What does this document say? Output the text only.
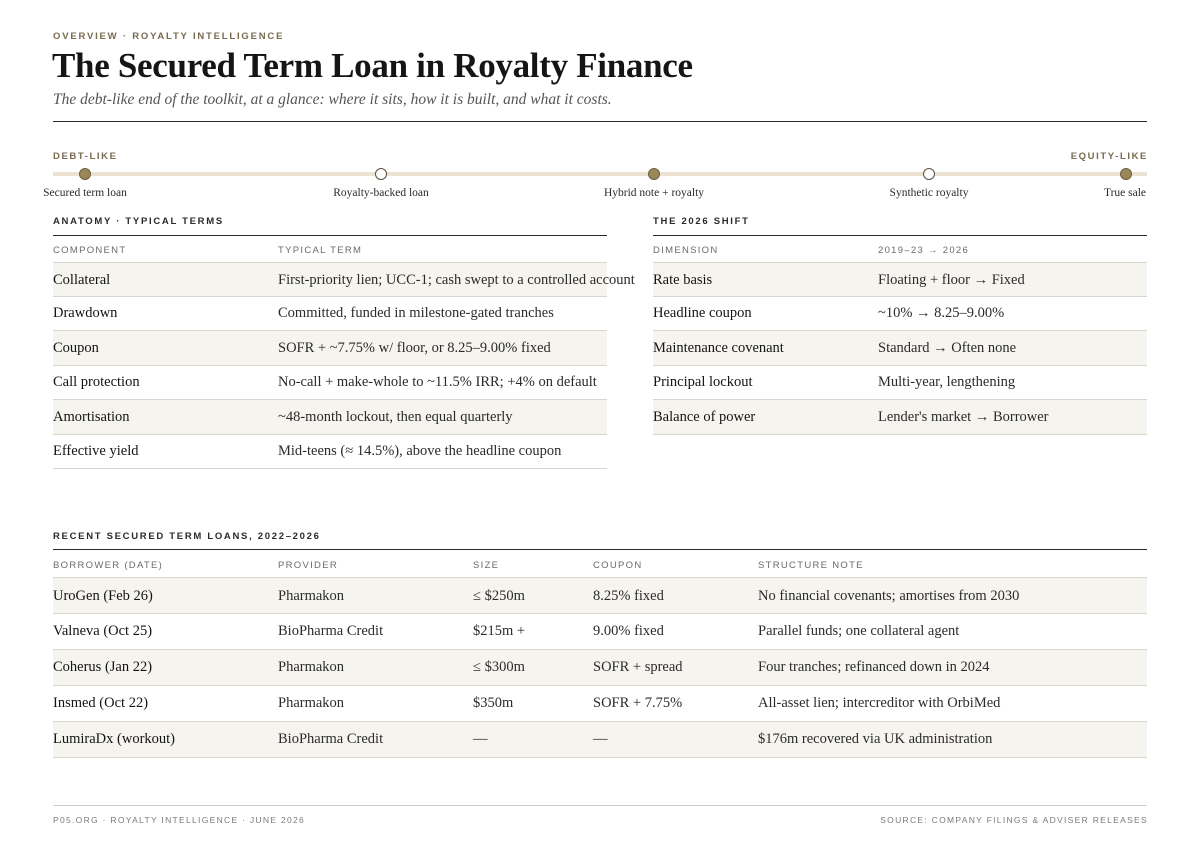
OVERVIEW · ROYALTY INTELLIGENCE
The Secured Term Loan in Royalty Finance
The debt-like end of the toolkit, at a glance: where it sits, how it is built, and what it costs.
DEBT-LIKE	EQUITY-LIKE
Secured term loan	Royalty-backed loan	Hybrid note + royalty	Synthetic royalty	True sale
ANATOMY · TYPICAL TERMS
COMPONENT	TYPICAL TERM
Collateral	First-priority lien; UCC-1; cash swept to a controlled account
Drawdown	Committed, funded in milestone-gated tranches
Coupon	SOFR + ~7.75% w/ floor, or 8.25–9.00% fixed
Call protection	No-call + make-whole to ~11.5% IRR; +4% on default
Amortisation	~48-month lockout, then equal quarterly
Effective yield	Mid-teens (≈ 14.5%), above the headline coupon
THE 2026 SHIFT
DIMENSION	2019–23 → 2026
Rate basis	Floating + floor → Fixed
Headline coupon	~10% → 8.25–9.00%
Maintenance covenant	Standard → Often none
Principal lockout	Multi-year, lengthening
Balance of power	Lender's market → Borrower
RECENT SECURED TERM LOANS, 2022–2026
BORROWER (DATE)	PROVIDER	SIZE	COUPON	STRUCTURE NOTE
UroGen (Feb 26)	Pharmakon	≤ $250m	8.25% fixed	No financial covenants; amortises from 2030
Valneva (Oct 25)	BioPharma Credit	$215m +	9.00% fixed	Parallel funds; one collateral agent
Coherus (Jan 22)	Pharmakon	≤ $300m	SOFR + spread	Four tranches; refinanced down in 2024
Insmed (Oct 22)	Pharmakon	$350m	SOFR + 7.75%	All-asset lien; intercreditor with OrbiMed
LumiraDx (workout)	BioPharma Credit	—	—	$176m recovered via UK administration
P05.ORG · ROYALTY INTELLIGENCE · JUNE 2026	SOURCE: COMPANY FILINGS & ADVISER RELEASES
